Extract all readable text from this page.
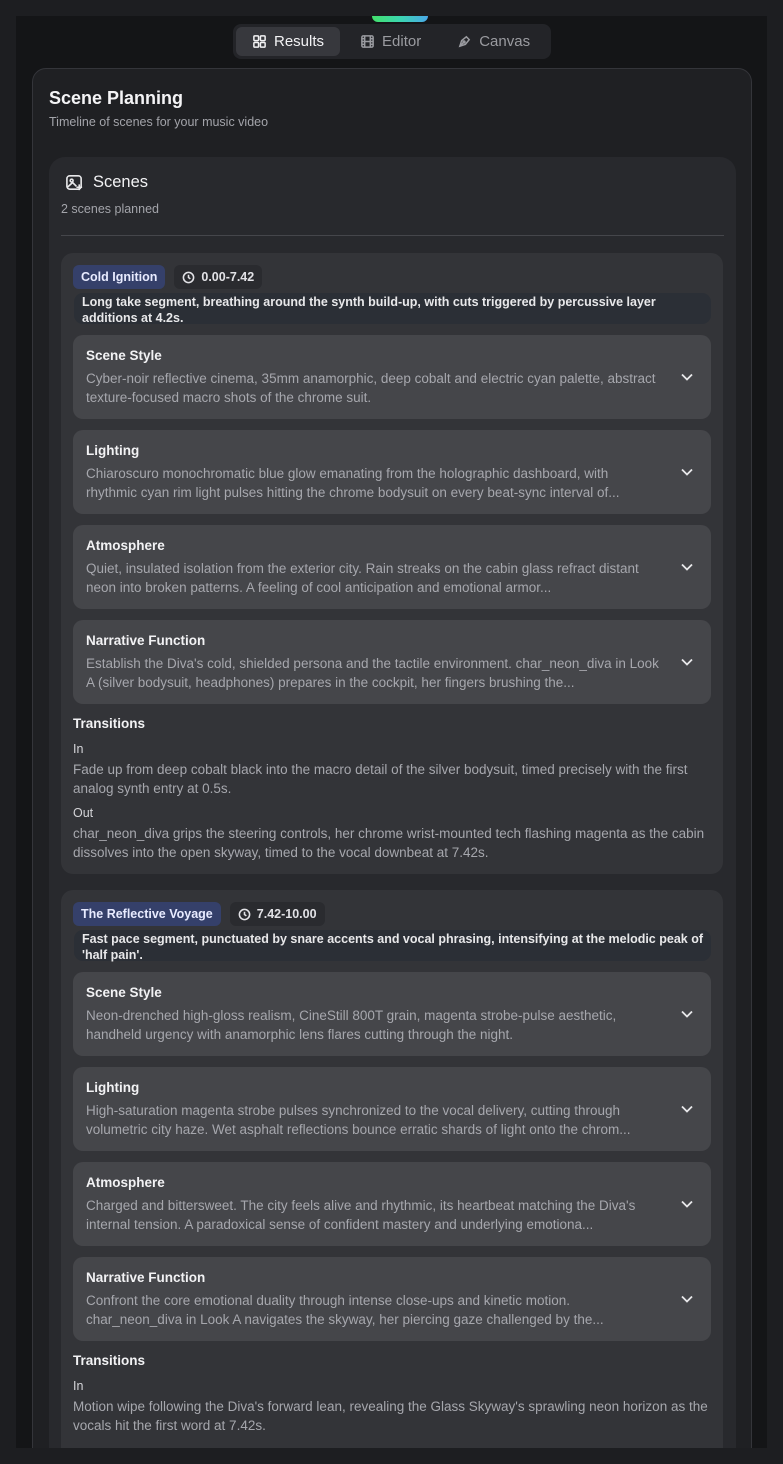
Results	Editor	Canvas
Scene Planning
Timeline of scenes for your music video
Scenes
2 scenes planned
Cold Ignition	0.00-7.42
Long take segment, breathing around the synth build-up, with cuts triggered by percussive layer additions at 4.2s.
Scene Style
Cyber-noir reflective cinema, 35mm anamorphic, deep cobalt and electric cyan palette, abstract texture-focused macro shots of the chrome suit.
Lighting
Chiaroscuro monochromatic blue glow emanating from the holographic dashboard, with rhythmic cyan rim light pulses hitting the chrome bodysuit on every beat-sync interval of...
Atmosphere
Quiet, insulated isolation from the exterior city. Rain streaks on the cabin glass refract distant neon into broken patterns. A feeling of cool anticipation and emotional armor...
Narrative Function
Establish the Diva's cold, shielded persona and the tactile environment. char_neon_diva in Look A (silver bodysuit, headphones) prepares in the cockpit, her fingers brushing the...
Transitions
In
Fade up from deep cobalt black into the macro detail of the silver bodysuit, timed precisely with the first analog synth entry at 0.5s.
Out
char_neon_diva grips the steering controls, her chrome wrist-mounted tech flashing magenta as the cabin dissolves into the open skyway, timed to the vocal downbeat at 7.42s.
The Reflective Voyage	7.42-10.00
Fast pace segment, punctuated by snare accents and vocal phrasing, intensifying at the melodic peak of 'half pain'.
Scene Style
Neon-drenched high-gloss realism, CineStill 800T grain, magenta strobe-pulse aesthetic, handheld urgency with anamorphic lens flares cutting through the night.
Lighting
High-saturation magenta strobe pulses synchronized to the vocal delivery, cutting through volumetric city haze. Wet asphalt reflections bounce erratic shards of light onto the chrom...
Atmosphere
Charged and bittersweet. The city feels alive and rhythmic, its heartbeat matching the Diva's internal tension. A paradoxical sense of confident mastery and underlying emotiona...
Narrative Function
Confront the core emotional duality through intense close-ups and kinetic motion. char_neon_diva in Look A navigates the skyway, her piercing gaze challenged by the...
Transitions
In
Motion wipe following the Diva's forward lean, revealing the Glass Skyway's sprawling neon horizon as the vocals hit the first word at 7.42s.
